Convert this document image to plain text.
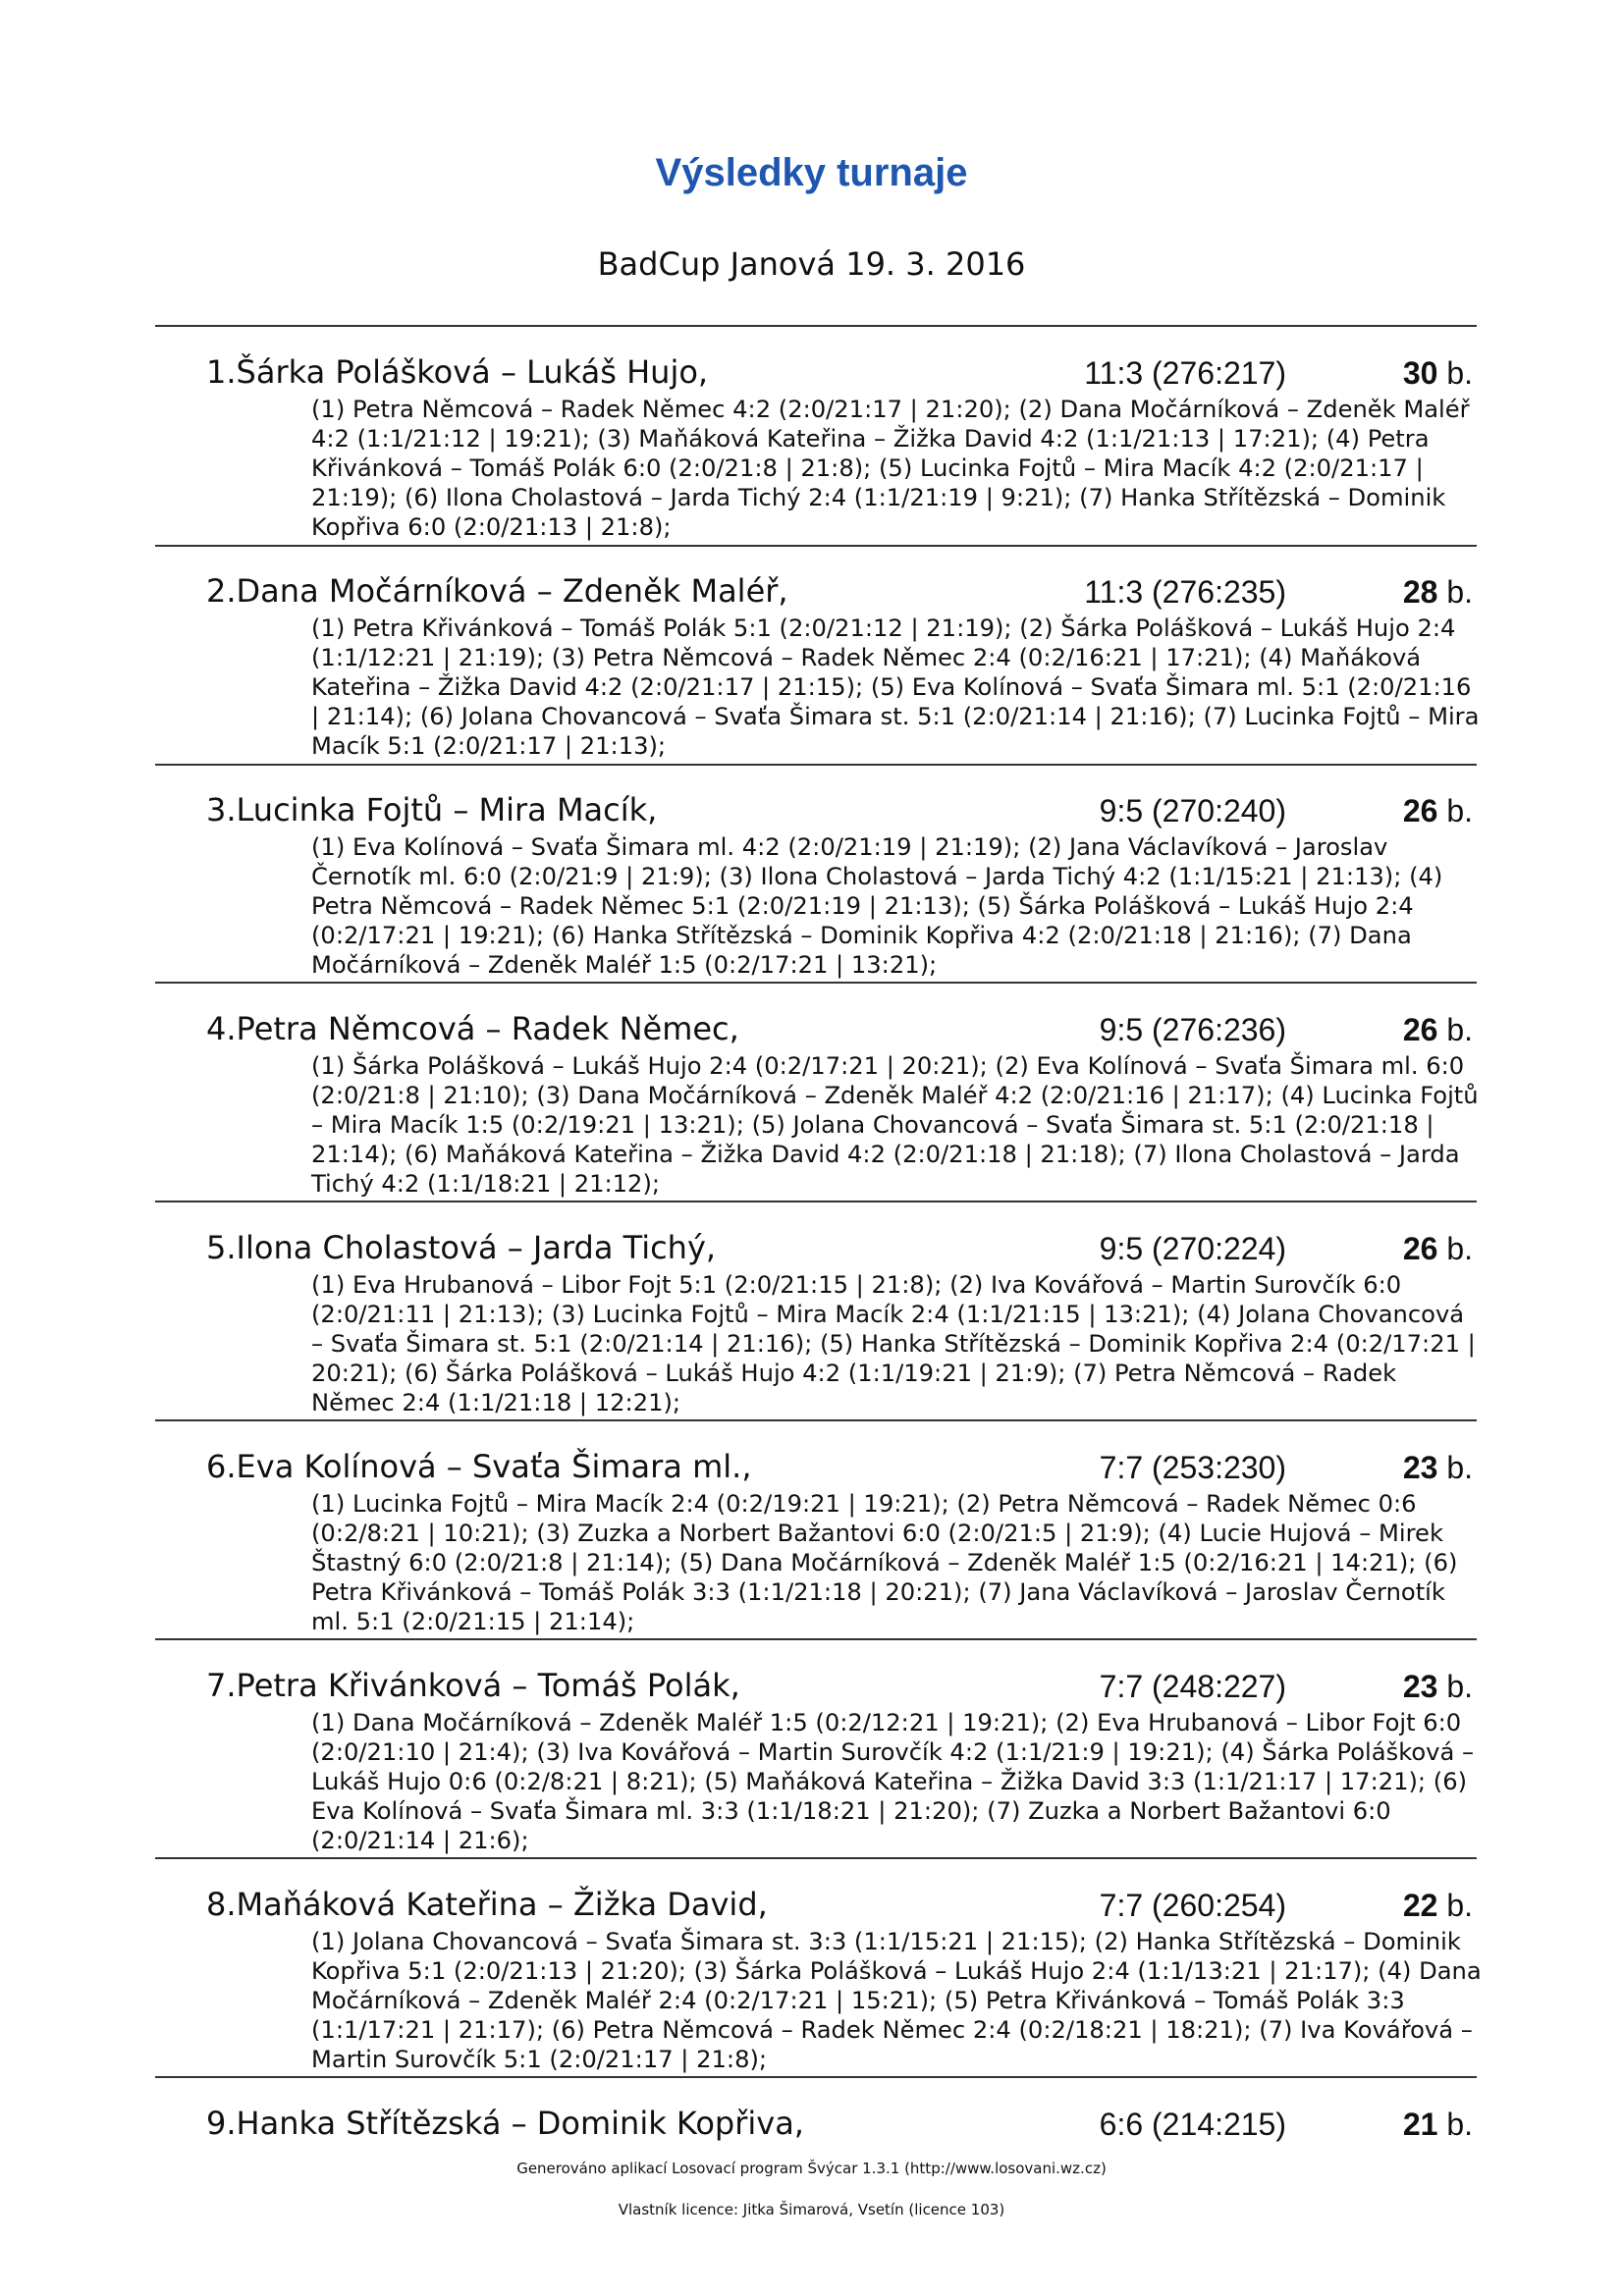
Výsledky turnaje
BadCup Janová 19. 3. 2016
1.Šárka Polášková – Lukáš Hujo,	11:3 (276:217)	30 b.
(1) Petra Němcová – Radek Němec 4:2 (2:0/21:17 | 21:20); (2) Dana Močárníková – Zdeněk Maléř 4:2 (1:1/21:12 | 19:21); (3) Maňáková Kateřina – Žižka David 4:2 (1:1/21:13 | 17:21); (4) Petra Křivánková – Tomáš Polák 6:0 (2:0/21:8 | 21:8); (5) Lucinka Fojtů – Mira Macík 4:2 (2:0/21:17 | 21:19); (6) Ilona Cholastová – Jarda Tichý 2:4 (1:1/21:19 | 9:21); (7) Hanka Střítězská – Dominik Kopřiva 6:0 (2:0/21:13 | 21:8);
2.Dana Močárníková – Zdeněk Maléř,	11:3 (276:235)	28 b.
(1) Petra Křivánková – Tomáš Polák 5:1 (2:0/21:12 | 21:19); (2) Šárka Polášková – Lukáš Hujo 2:4 (1:1/12:21 | 21:19); (3) Petra Němcová – Radek Němec 2:4 (0:2/16:21 | 17:21); (4) Maňáková Kateřina – Žižka David 4:2 (2:0/21:17 | 21:15); (5) Eva Kolínová – Svaťa Šimara ml. 5:1 (2:0/21:16 | 21:14); (6) Jolana Chovancová – Svaťa Šimara st. 5:1 (2:0/21:14 | 21:16); (7) Lucinka Fojtů – Mira Macík 5:1 (2:0/21:17 | 21:13);
3.Lucinka Fojtů – Mira Macík,	9:5 (270:240)	26 b.
(1) Eva Kolínová – Svaťa Šimara ml. 4:2 (2:0/21:19 | 21:19); (2) Jana Václavíková – Jaroslav Černotík ml. 6:0 (2:0/21:9 | 21:9); (3) Ilona Cholastová – Jarda Tichý 4:2 (1:1/15:21 | 21:13); (4) Petra Němcová – Radek Němec 5:1 (2:0/21:19 | 21:13); (5) Šárka Polášková – Lukáš Hujo 2:4 (0:2/17:21 | 19:21); (6) Hanka Střítězská – Dominik Kopřiva 4:2 (2:0/21:18 | 21:16); (7) Dana Močárníková – Zdeněk Maléř 1:5 (0:2/17:21 | 13:21);
4.Petra Němcová – Radek Němec,	9:5 (276:236)	26 b.
(1) Šárka Polášková – Lukáš Hujo 2:4 (0:2/17:21 | 20:21); (2) Eva Kolínová – Svaťa Šimara ml. 6:0 (2:0/21:8 | 21:10); (3) Dana Močárníková – Zdeněk Maléř 4:2 (2:0/21:16 | 21:17); (4) Lucinka Fojtů – Mira Macík 1:5 (0:2/19:21 | 13:21); (5) Jolana Chovancová – Svaťa Šimara st. 5:1 (2:0/21:18 | 21:14); (6) Maňáková Kateřina – Žižka David 4:2 (2:0/21:18 | 21:18); (7) Ilona Cholastová – Jarda Tichý 4:2 (1:1/18:21 | 21:12);
5.Ilona Cholastová – Jarda Tichý,	9:5 (270:224)	26 b.
(1) Eva Hrubanová – Libor Fojt 5:1 (2:0/21:15 | 21:8); (2) Iva Kovářová – Martin Surovčík 6:0 (2:0/21:11 | 21:13); (3) Lucinka Fojtů – Mira Macík 2:4 (1:1/21:15 | 13:21); (4) Jolana Chovancová – Svaťa Šimara st. 5:1 (2:0/21:14 | 21:16); (5) Hanka Střítězská – Dominik Kopřiva 2:4 (0:2/17:21 | 20:21); (6) Šárka Polášková – Lukáš Hujo 4:2 (1:1/19:21 | 21:9); (7) Petra Němcová – Radek Němec 2:4 (1:1/21:18 | 12:21);
6.Eva Kolínová – Svaťa Šimara ml.,	7:7 (253:230)	23 b.
(1) Lucinka Fojtů – Mira Macík 2:4 (0:2/19:21 | 19:21); (2) Petra Němcová – Radek Němec 0:6 (0:2/8:21 | 10:21); (3) Zuzka a Norbert Bažantovi 6:0 (2:0/21:5 | 21:9); (4) Lucie Hujová – Mirek Štastný 6:0 (2:0/21:8 | 21:14); (5) Dana Močárníková – Zdeněk Maléř 1:5 (0:2/16:21 | 14:21); (6) Petra Křivánková – Tomáš Polák 3:3 (1:1/21:18 | 20:21); (7) Jana Václavíková – Jaroslav Černotík ml. 5:1 (2:0/21:15 | 21:14);
7.Petra Křivánková – Tomáš Polák,	7:7 (248:227)	23 b.
(1) Dana Močárníková – Zdeněk Maléř 1:5 (0:2/12:21 | 19:21); (2) Eva Hrubanová – Libor Fojt 6:0 (2:0/21:10 | 21:4); (3) Iva Kovářová – Martin Surovčík 4:2 (1:1/21:9 | 19:21); (4) Šárka Polášková – Lukáš Hujo 0:6 (0:2/8:21 | 8:21); (5) Maňáková Kateřina – Žižka David 3:3 (1:1/21:17 | 17:21); (6) Eva Kolínová – Svaťa Šimara ml. 3:3 (1:1/18:21 | 21:20); (7) Zuzka a Norbert Bažantovi 6:0 (2:0/21:14 | 21:6);
8.Maňáková Kateřina – Žižka David,	7:7 (260:254)	22 b.
(1) Jolana Chovancová – Svaťa Šimara st. 3:3 (1:1/15:21 | 21:15); (2) Hanka Střítězská – Dominik Kopřiva 5:1 (2:0/21:13 | 21:20); (3) Šárka Polášková – Lukáš Hujo 2:4 (1:1/13:21 | 21:17); (4) Dana Močárníková – Zdeněk Maléř 2:4 (0:2/17:21 | 15:21); (5) Petra Křivánková – Tomáš Polák 3:3 (1:1/17:21 | 21:17); (6) Petra Němcová – Radek Němec 2:4 (0:2/18:21 | 18:21); (7) Iva Kovářová – Martin Surovčík 5:1 (2:0/21:17 | 21:8);
9.Hanka Střítězská – Dominik Kopřiva,	6:6 (214:215)	21 b.
Generováno aplikací Losovací program Švýcar 1.3.1 (http://www.losovani.wz.cz)
Vlastník licence: Jitka Šimarová, Vsetín (licence 103)
